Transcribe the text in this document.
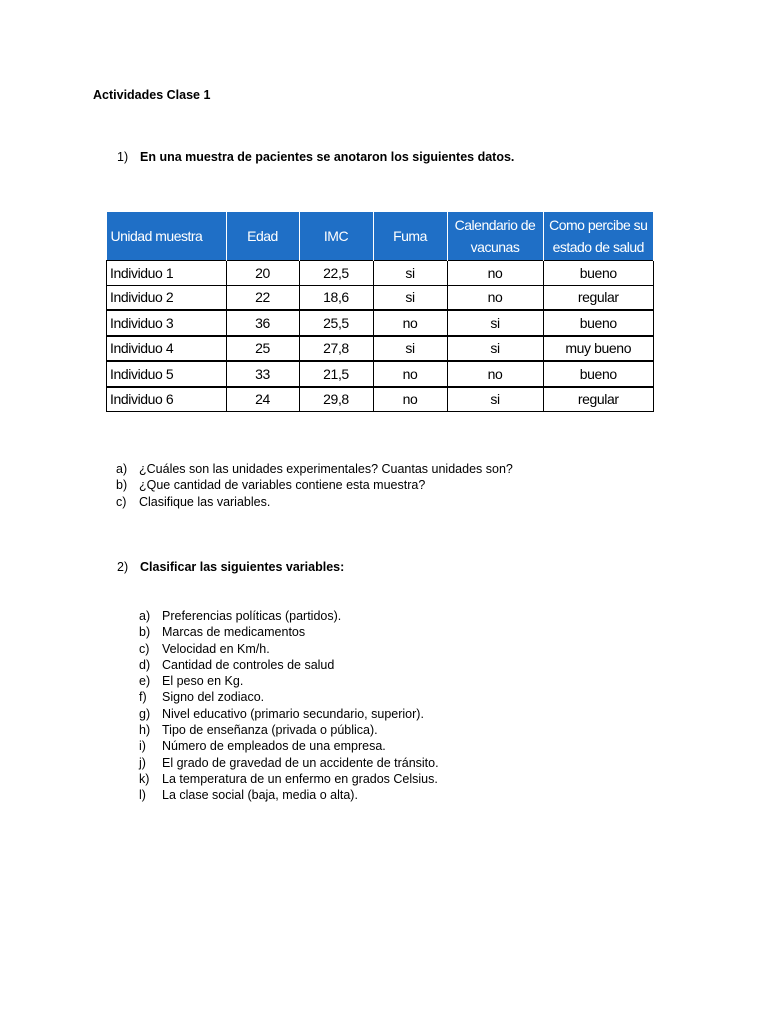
Actividades Clase 1
1) En una muestra de pacientes se anotaron los siguientes datos.
Unidad muestra	Edad	IMC	Fuma	Calendario de vacunas	Como percibe su estado de salud
Individuo 1	20	22,5	si	no	bueno
Individuo 2	22	18,6	si	no	regular
Individuo 3	36	25,5	no	si	bueno
Individuo 4	25	27,8	si	si	muy bueno
Individuo 5	33	21,5	no	no	bueno
Individuo 6	24	29,8	no	si	regular
a) ¿Cuáles son las unidades experimentales? Cuantas unidades son?
b) ¿Que cantidad de variables contiene esta muestra?
c) Clasifique las variables.
2) Clasificar las siguientes variables:
a) Preferencias políticas (partidos).
b) Marcas de medicamentos
c) Velocidad en Km/h.
d) Cantidad de controles de salud
e) El peso en Kg.
f) Signo del zodiaco.
g) Nivel educativo (primario secundario, superior).
h) Tipo de enseñanza (privada o pública).
i) Número de empleados de una empresa.
j) El grado de gravedad de un accidente de tránsito.
k) La temperatura de un enfermo en grados Celsius.
l) La clase social (baja, media o alta).
